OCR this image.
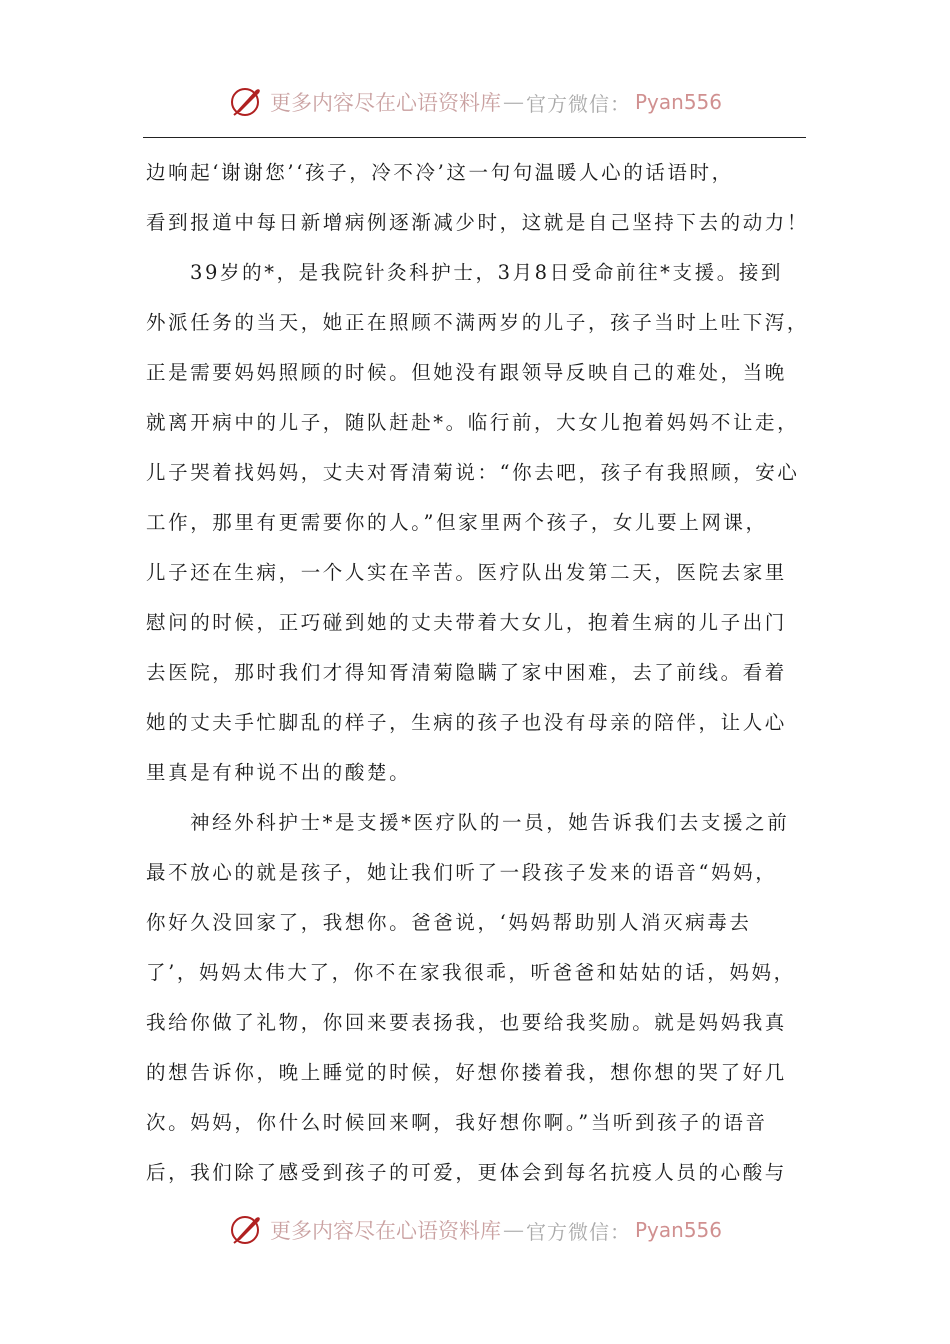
更多内容尽在心语资料库 — 官方微信： Pyan556
边响起‘谢谢您’‘孩子，冷不冷’这一句句温暖人心的话语时，
看到报道中每日新增病例逐渐减少时，这就是自己坚持下去的动力！
39岁的*，是我院针灸科护士，3月8日受命前往*支援。接到
外派任务的当天，她正在照顾不满两岁的儿子，孩子当时上吐下泻，
正是需要妈妈照顾的时候。但她没有跟领导反映自己的难处，当晚
就离开病中的儿子，随队赶赴*。临行前，大女儿抱着妈妈不让走，
儿子哭着找妈妈，丈夫对胥清菊说：“你去吧，孩子有我照顾，安心
工作，那里有更需要你的人。”但家里两个孩子，女儿要上网课，
儿子还在生病，一个人实在辛苦。医疗队出发第二天，医院去家里
慰问的时候，正巧碰到她的丈夫带着大女儿，抱着生病的儿子出门
去医院，那时我们才得知胥清菊隐瞒了家中困难，去了前线。看着
她的丈夫手忙脚乱的样子，生病的孩子也没有母亲的陪伴，让人心
里真是有种说不出的酸楚。
神经外科护士*是支援*医疗队的一员，她告诉我们去支援之前
最不放心的就是孩子，她让我们听了一段孩子发来的语音“妈妈，
你好久没回家了，我想你。爸爸说，‘妈妈帮助别人消灭病毒去
了’，妈妈太伟大了，你不在家我很乖，听爸爸和姑姑的话，妈妈，
我给你做了礼物，你回来要表扬我，也要给我奖励。就是妈妈我真
的想告诉你，晚上睡觉的时候，好想你搂着我，想你想的哭了好几
次。妈妈，你什么时候回来啊，我好想你啊。”当听到孩子的语音
后，我们除了感受到孩子的可爱，更体会到每名抗疫人员的心酸与
更多内容尽在心语资料库 — 官方微信： Pyan556
